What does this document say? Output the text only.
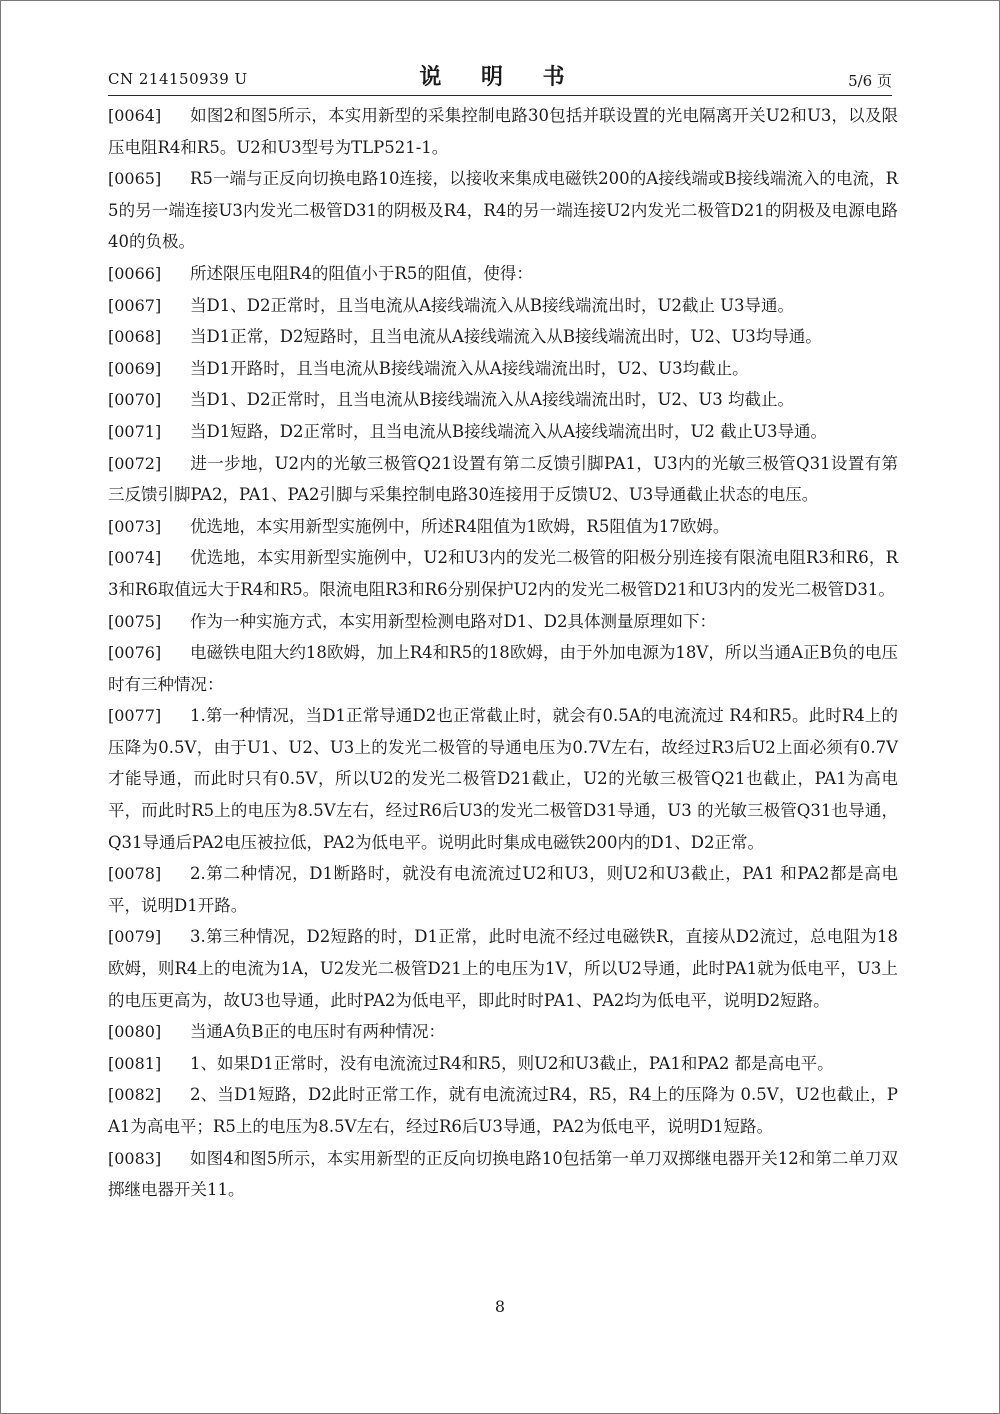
CN 214150939 U	说 明 书	5/6 页

[0064] 如图2和图5所示，本实用新型的采集控制电路30包括并联设置的光电隔离开关U2和U3，以及限压电阻R4和R5。U2和U3型号为TLP521-1。

[0065] R5一端与正反向切换电路10连接，以接收来集成电磁铁200的A接线端或B接线端流入的电流，R5的另一端连接U3内发光二极管D31的阴极及R4，R4的另一端连接U2内发光二极管D21的阴极及电源电路40的负极。

[0066] 所述限压电阻R4的阻值小于R5的阻值，使得：

[0067] 当D1、D2正常时，且当电流从A接线端流入从B接线端流出时，U2截止 U3导通。

[0068] 当D1正常，D2短路时，且当电流从A接线端流入从B接线端流出时，U2、U3均导通。

[0069] 当D1开路时，且当电流从B接线端流入从A接线端流出时，U2、U3均截止。

[0070] 当D1、D2正常时，且当电流从B接线端流入从A接线端流出时，U2、U3 均截止。

[0071] 当D1短路，D2正常时，且当电流从B接线端流入从A接线端流出时，U2 截止U3导通。

[0072] 进一步地，U2内的光敏三极管Q21设置有第二反馈引脚PA1，U3内的光敏三极管Q31设置有第三反馈引脚PA2，PA1、PA2引脚与采集控制电路30连接用于反馈U2、U3导通截止状态的电压。

[0073] 优选地，本实用新型实施例中，所述R4阻值为1欧姆，R5阻值为17欧姆。

[0074] 优选地，本实用新型实施例中，U2和U3内的发光二极管的阳极分别连接有限流电阻R3和R6，R3和R6取值远大于R4和R5。限流电阻R3和R6分别保护U2内的发光二极管D21和U3内的发光二极管D31。

[0075] 作为一种实施方式，本实用新型检测电路对D1、D2具体测量原理如下：

[0076] 电磁铁电阻大约18欧姆，加上R4和R5的18欧姆，由于外加电源为18V，所以当通A正B负的电压时有三种情况：

[0077] 1.第一种情况，当D1正常导通D2也正常截止时，就会有0.5A的电流流过 R4和R5。此时R4上的压降为0.5V，由于U1、U2、U3上的发光二极管的导通电压为0.7V左右，故经过R3后U2上面必须有0.7V才能导通，而此时只有0.5V，所以U2的发光二极管D21截止，U2的光敏三极管Q21也截止，PA1为高电平，而此时R5上的电压为8.5V左右，经过R6后U3的发光二极管D31导通，U3 的光敏三极管Q31也导通，Q31导通后PA2电压被拉低，PA2为低电平。说明此时集成电磁铁200内的D1、D2正常。

[0078] 2.第二种情况，D1断路时，就没有电流流过U2和U3，则U2和U3截止，PA1 和PA2都是高电平，说明D1开路。

[0079] 3.第三种情况，D2短路的时，D1正常，此时电流不经过电磁铁R，直接从D2流过，总电阻为18欧姆，则R4上的电流为1A，U2发光二极管D21上的电压为1V，所以U2导通，此时PA1就为低电平，U3上的电压更高为，故U3也导通，此时PA2为低电平，即此时时PA1、PA2均为低电平，说明D2短路。

[0080] 当通A负B正的电压时有两种情况：

[0081] 1、如果D1正常时，没有电流流过R4和R5，则U2和U3截止，PA1和PA2 都是高电平。

[0082] 2、当D1短路，D2此时正常工作，就有电流流过R4，R5，R4上的压降为 0.5V，U2也截止，PA1为高电平；R5上的电压为8.5V左右，经过R6后U3导通，PA2为低电平，说明D1短路。

[0083] 如图4和图5所示，本实用新型的正反向切换电路10包括第一单刀双掷继电器开关12和第二单刀双掷继电器开关11。

8
